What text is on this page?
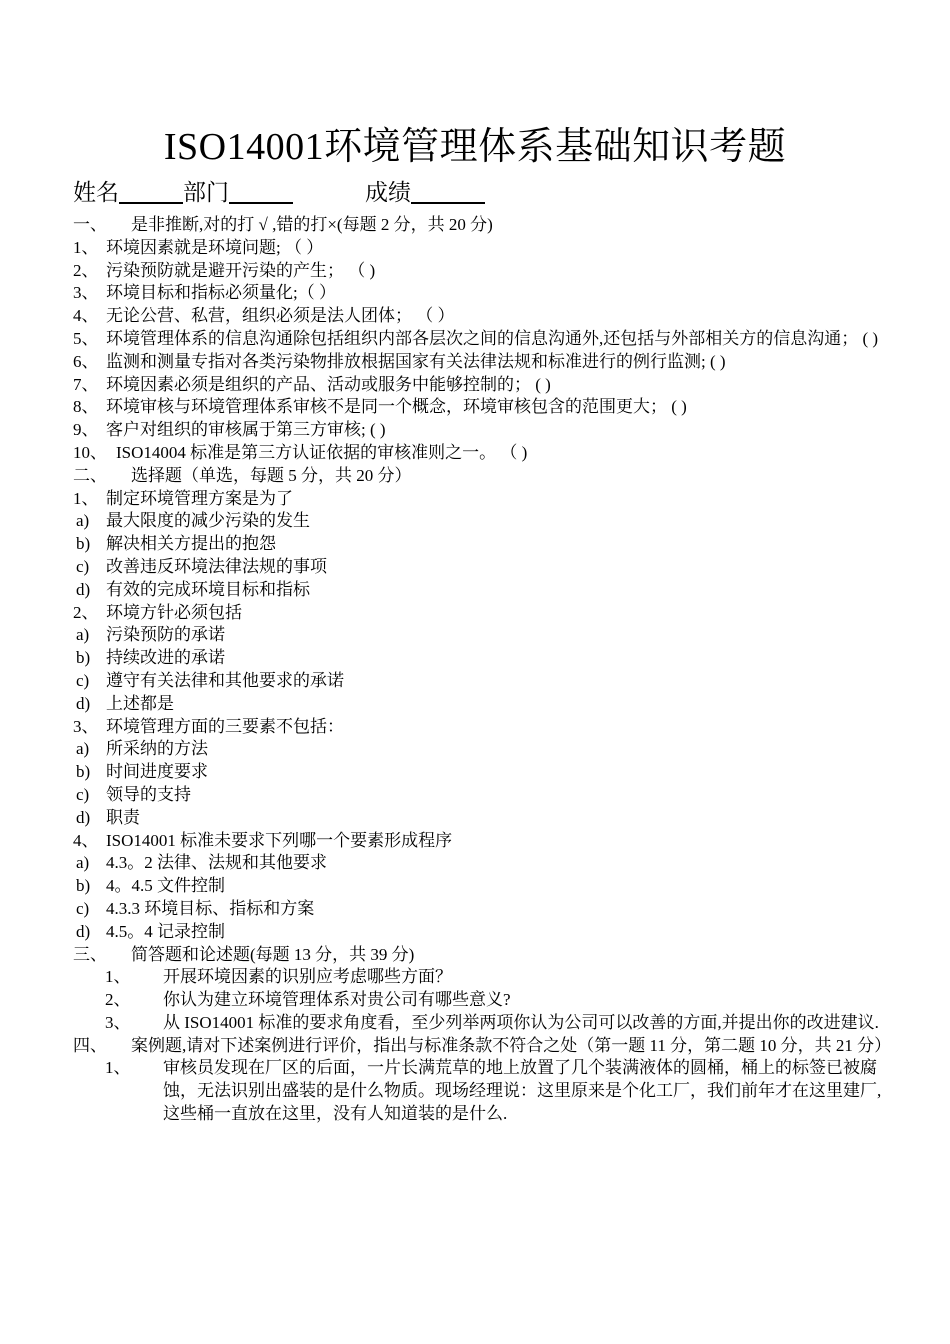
ISO14001环境管理体系基础知识考题
姓名	部门	成绩
一、	是非推断,对的打 √ ,错的打×(每题 2 分，共 20 分)
1、 环境因素就是环境问题; （ ）
2、 污染预防就是避开污染的产生； （ )
3、 环境目标和指标必须量化;（ ）
4、 无论公营、私营，组织必须是法人团体； （ ）
5、 环境管理体系的信息沟通除包括组织内部各层次之间的信息沟通外,还包括与外部相关方的信息沟通； ( )
6、 监测和测量专指对各类污染物排放根据国家有关法律法规和标准进行的例行监测; ( )
7、 环境因素必须是组织的产品、活动或服务中能够控制的； ( )
8、 环境审核与环境管理体系审核不是同一个概念，环境审核包含的范围更大； ( )
9、 客户对组织的审核属于第三方审核; ( )
10、 ISO14004 标准是第三方认证依据的审核准则之一。 （ )
二、	选择题（单选，每题 5 分，共 20 分）
1、 制定环境管理方案是为了
a) 最大限度的减少污染的发生
b) 解决相关方提出的抱怨
c) 改善违反环境法律法规的事项
d) 有效的完成环境目标和指标
2、 环境方针必须包括
a) 污染预防的承诺
b) 持续改进的承诺
c) 遵守有关法律和其他要求的承诺
d) 上述都是
3、 环境管理方面的三要素不包括：
a) 所采纳的方法
b) 时间进度要求
c) 领导的支持
d) 职责
4、 ISO14001 标准未要求下列哪一个要素形成程序
a) 4.3。2 法律、法规和其他要求
b) 4。4.5 文件控制
c) 4.3.3 环境目标、指标和方案
d) 4.5。4 记录控制
三、	简答题和论述题(每题 13 分，共 39 分)
1、	开展环境因素的识别应考虑哪些方面？
2、	你认为建立环境管理体系对贵公司有哪些意义?
3、	从 ISO14001 标准的要求角度看，至少列举两项你认为公司可以改善的方面,并提出你的改进建议.
四、	案例题,请对下述案例进行评价，指出与标准条款不符合之处（第一题 11 分，第二题 10 分，共 21 分）
1、	审核员发现在厂区的后面，一片长满荒草的地上放置了几个装满液体的圆桶，桶上的标签已被腐蚀，无法识别出盛装的是什么物质。现场经理说：这里原来是个化工厂，我们前年才在这里建厂,这些桶一直放在这里，没有人知道装的是什么.
